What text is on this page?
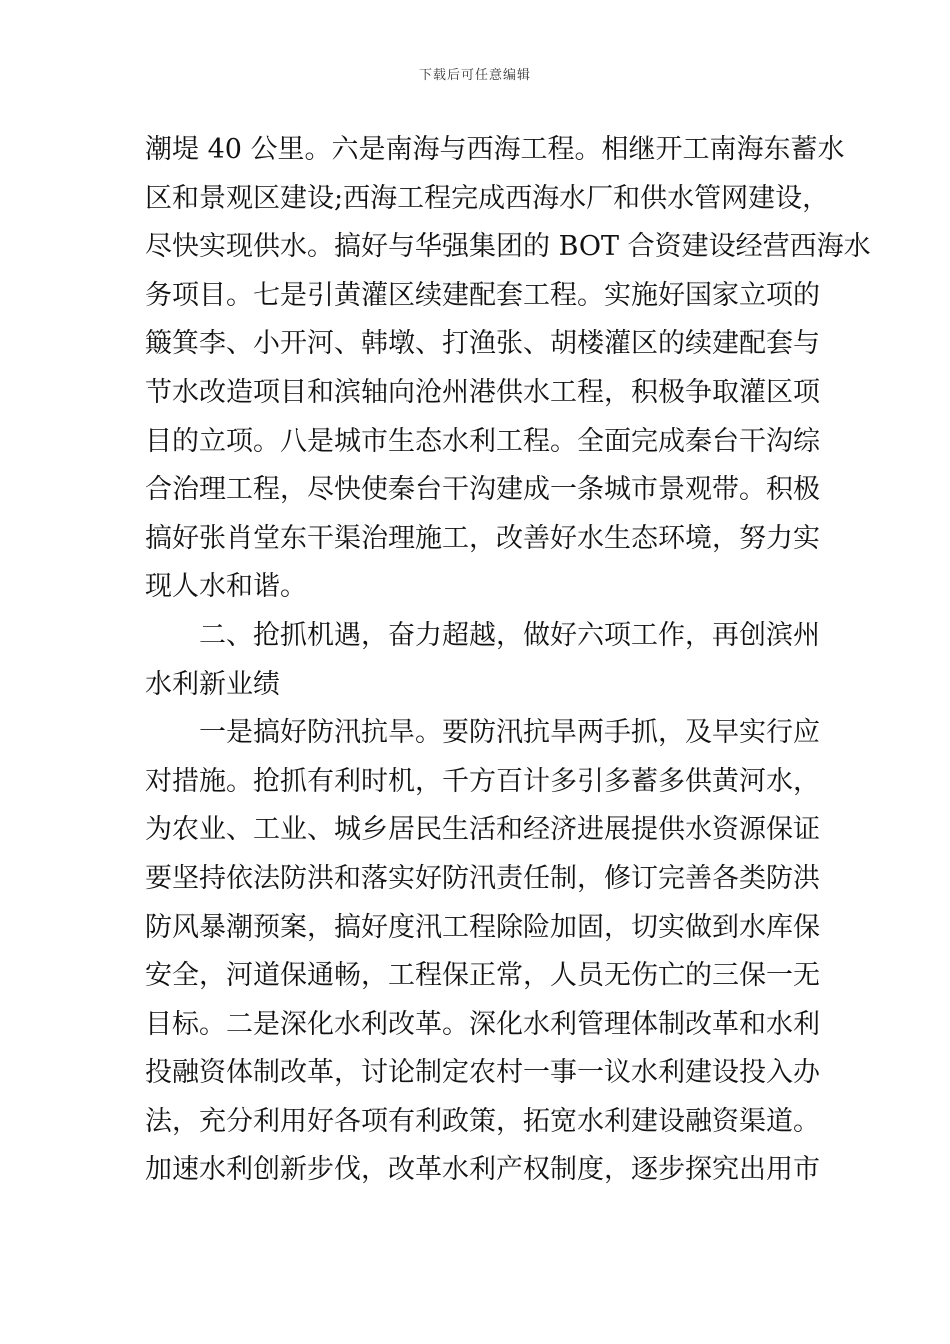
下载后可任意编辑
潮堤 40 公里。六是南海与西海工程。相继开工南海东蓄水
区和景观区建设;西海工程完成西海水厂和供水管网建设，
尽快实现供水。搞好与华强集团的 BOT 合资建设经营西海水
务项目。七是引黄灌区续建配套工程。实施好国家立项的
簸箕李、小开河、韩墩、打渔张、胡楼灌区的续建配套与
节水改造项目和滨轴向沧州港供水工程，积极争取灌区项
目的立项。八是城市生态水利工程。全面完成秦台干沟综
合治理工程，尽快使秦台干沟建成一条城市景观带。积极
搞好张肖堂东干渠治理施工，改善好水生态环境，努力实
现人水和谐。
二、抢抓机遇，奋力超越，做好六项工作，再创滨州
水利新业绩
一是搞好防汛抗旱。要防汛抗旱两手抓，及早实行应
对措施。抢抓有利时机，千方百计多引多蓄多供黄河水，
为农业、工业、城乡居民生活和经济进展提供水资源保证
要坚持依法防洪和落实好防汛责任制，修订完善各类防洪
防风暴潮预案，搞好度汛工程除险加固，切实做到水库保
安全，河道保通畅，工程保正常，人员无伤亡的三保一无
目标。二是深化水利改革。深化水利管理体制改革和水利
投融资体制改革，讨论制定农村一事一议水利建设投入办
法，充分利用好各项有利政策，拓宽水利建设融资渠道。
加速水利创新步伐，改革水利产权制度，逐步探究出用市
